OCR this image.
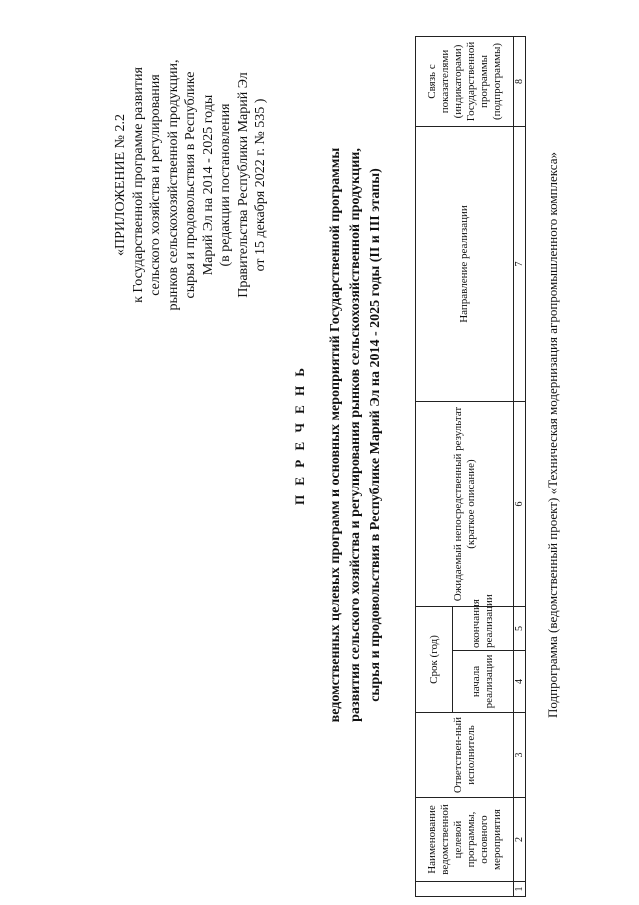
«ПРИЛОЖЕНИЕ № 2.2 к Государственной программе развития сельского хозяйства и регулирования рынков сельскохозяйственной продукции, сырья и продовольствия в Республике Марий Эл на 2014 - 2025 годы (в редакции постановления Правительства Республики Марий Эл от 15 декабря 2022 г. № 535 )
П Е Р Е Ч Е Н Ь ведомственных целевых программ и основных мероприятий Государственной программы развития сельского хозяйства и регулирования рынков сельскохозяйственной продукции, сырья и продовольствия в Республике Марий Эл на 2014 - 2025 годы (II и III этапы)
	Наименование ведомственной целевой программы, основного мероприятия	Ответствен-ный исполнитель	Срок (год)		Ожидаемый непосредственный результат (краткое описание)	Направление реализации	Связь с показателями (индикаторами) Государственной программы (подпрограммы)
			начала реализации	окончания реализации			
1	2	3	4	5	6	7	8
Подпрограмма (ведомственный проект) «Техническая модернизация агропромышленного комплекса»
